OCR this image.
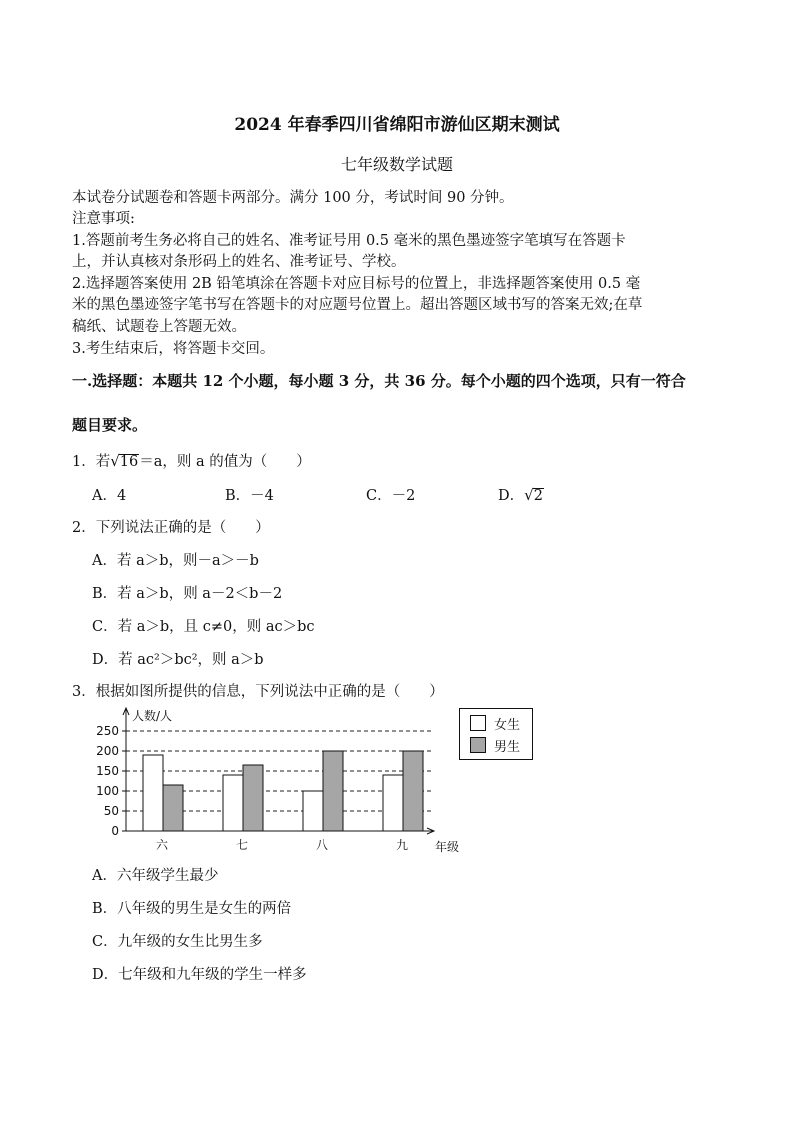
2024 年春季四川省绵阳市游仙区期末测试
七年级数学试题
本试卷分试题卷和答题卡两部分。满分 100 分，考试时间 90 分钟。
注意事项:
1.答题前考生务必将自己的姓名、准考证号用 0.5 毫米的黑色墨迹签字笔填写在答题卡
上，并认真核对条形码上的姓名、准考证号、学校。
2.选择题答案使用 2B 铅笔填涂在答题卡对应目标号的位置上，非选择题答案使用 0.5 毫
米的黑色墨迹签字笔书写在答题卡的对应题号位置上。超出答题区域书写的答案无效;在草
稿纸、试题卷上答题无效。
3.考生结束后，将答题卡交回。
一.选择题：本题共 12 个小题，每小题 3 分，共 36 分。每个小题的四个选项，只有一符合
题目要求。
1．若√16＝a，则 a 的值为（　　）
A．4	B．－4	C．－2	D．√2
2．下列说法正确的是（　　）
A．若 a＞b，则－a＞－b
B．若 a＞b，则 a－2＜b－2
C．若 a＞b，且 c≠0，则 ac＞bc
D．若 ac²＞bc²，则 a＞b
3．根据如图所提供的信息，下列说法中正确的是（　　）
0
50
100
150
200
250
人数/人
年级
六	七	八	九
女生
男生
A．六年级学生最少
B．八年级的男生是女生的两倍
C．九年级的女生比男生多
D．七年级和九年级的学生一样多
